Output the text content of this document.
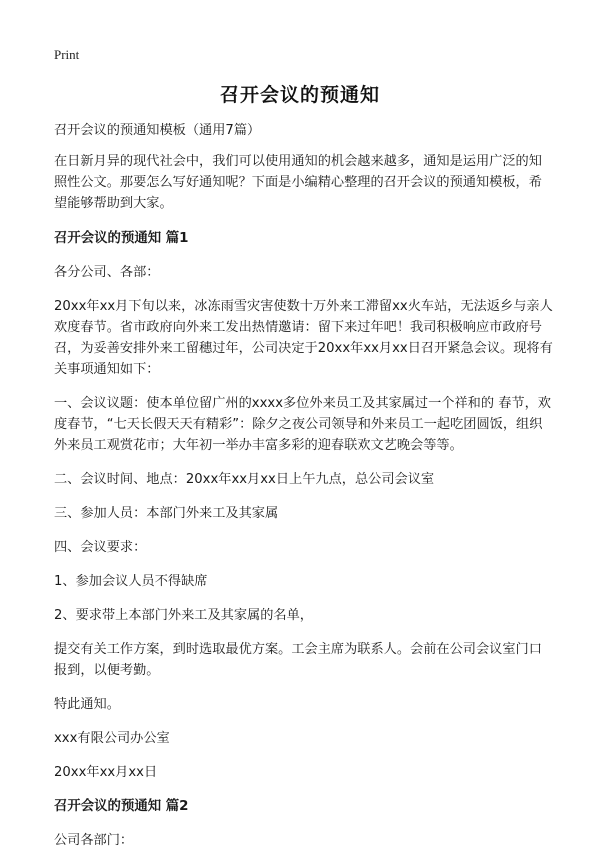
Print
召开会议的预通知

召开会议的预通知模板（通用7篇）

在日新月异的现代社会中，我们可以使用通知的机会越来越多，通知是运用广泛的知照性公文。那要怎么写好通知呢？下面是小编精心整理的召开会议的预通知模板，希望能够帮助到大家。

召开会议的预通知 篇1

各分公司、各部：

20xx年xx月下旬以来，冰冻雨雪灾害使数十万外来工滞留xx火车站，无法返乡与亲人欢度春节。省市政府向外来工发出热情邀请：留下来过年吧！我司积极响应市政府号召，为妥善安排外来工留穗过年，公司决定于20xx年xx月xx日召开紧急会议。现将有关事项通知如下：

一、会议议题：使本单位留广州的xxxx多位外来员工及其家属过一个祥和的 春节，欢度春节，“七天长假天天有精彩”：除夕之夜公司领导和外来员工一起吃团圆饭，组织外来员工观赏花市；大年初一举办丰富多彩的迎春联欢文艺晚会等等。

二、会议时间、地点：20xx年xx月xx日上午九点，总公司会议室

三、参加人员：本部门外来工及其家属

四、会议要求：

1、参加会议人员不得缺席

2、要求带上本部门外来工及其家属的名单，

提交有关工作方案，到时选取最优方案。工会主席为联系人。会前在公司会议室门口报到，以便考勤。

特此通知。

xxx有限公司办公室

20xx年xx月xx日

召开会议的预通知 篇2

公司各部门：
